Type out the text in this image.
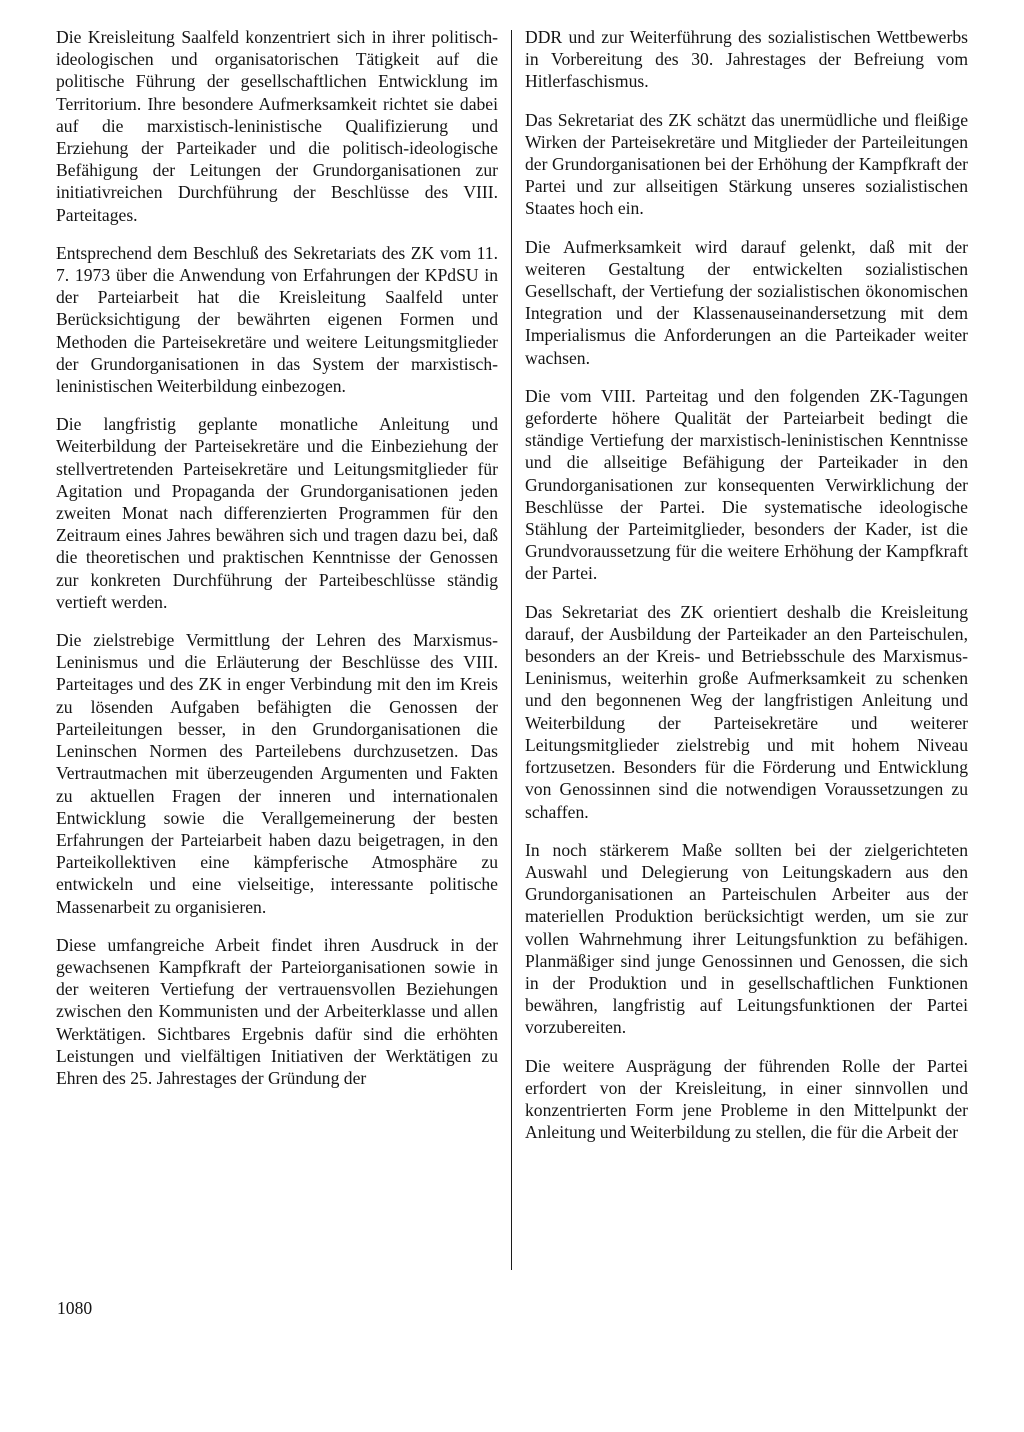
Die Kreisleitung Saalfeld konzentriert sich in ihrer politisch-ideologischen und organisatorischen Tätigkeit auf die politische Führung der gesellschaftlichen Entwicklung im Territorium. Ihre besondere Aufmerksamkeit richtet sie dabei auf die marxistisch-leninistische Qualifizierung und Erziehung der Parteikader und die politisch-ideologische Befähigung der Leitungen der Grundorganisationen zur initiativreichen Durchführung der Beschlüsse des VIII. Parteitages.

Entsprechend dem Beschluß des Sekretariats des ZK vom 11. 7. 1973 über die Anwendung von Erfahrungen der KPdSU in der Parteiarbeit hat die Kreisleitung Saalfeld unter Berücksichtigung der bewährten eigenen Formen und Methoden die Parteisekretäre und weitere Leitungsmitglieder der Grundorganisationen in das System der marxistisch-leninistischen Weiterbildung einbezogen.

Die langfristig geplante monatliche Anleitung und Weiterbildung der Parteisekretäre und die Einbeziehung der stellvertretenden Parteisekretäre und Leitungsmitglieder für Agitation und Propaganda der Grundorganisationen jeden zweiten Monat nach differenzierten Programmen für den Zeitraum eines Jahres bewähren sich und tragen dazu bei, daß die theoretischen und praktischen Kenntnisse der Genossen zur konkreten Durchführung der Parteibeschlüsse ständig vertieft werden.

Die zielstrebige Vermittlung der Lehren des Marxismus-Leninismus und die Erläuterung der Beschlüsse des VIII. Parteitages und des ZK in enger Verbindung mit den im Kreis zu lösenden Aufgaben befähigten die Genossen der Parteileitungen besser, in den Grundorganisationen die Leninschen Normen des Parteilebens durchzusetzen. Das Vertrautmachen mit überzeugenden Argumenten und Fakten zu aktuellen Fragen der inneren und internationalen Entwicklung sowie die Verallgemeinerung der besten Erfahrungen der Parteiarbeit haben dazu beigetragen, in den Parteikollektiven eine kämpferische Atmosphäre zu entwickeln und eine vielseitige, interessante politische Massenarbeit zu organisieren.

Diese umfangreiche Arbeit findet ihren Ausdruck in der gewachsenen Kampfkraft der Parteiorganisationen sowie in der weiteren Vertiefung der vertrauensvollen Beziehungen zwischen den Kommunisten und der Arbeiterklasse und allen Werktätigen. Sichtbares Ergebnis dafür sind die erhöhten Leistungen und vielfältigen Initiativen der Werktätigen zu Ehren des 25. Jahrestages der Gründung der

DDR und zur Weiterführung des sozialistischen Wettbewerbs in Vorbereitung des 30. Jahrestages der Befreiung vom Hitlerfaschismus.

Das Sekretariat des ZK schätzt das unermüdliche und fleißige Wirken der Parteisekretäre und Mitglieder der Parteileitungen der Grundorganisationen bei der Erhöhung der Kampfkraft der Partei und zur allseitigen Stärkung unseres sozialistischen Staates hoch ein.

Die Aufmerksamkeit wird darauf gelenkt, daß mit der weiteren Gestaltung der entwickelten sozialistischen Gesellschaft, der Vertiefung der sozialistischen ökonomischen Integration und der Klassenauseinandersetzung mit dem Imperialismus die Anforderungen an die Parteikader weiter wachsen.

Die vom VIII. Parteitag und den folgenden ZK-Tagungen geforderte höhere Qualität der Parteiarbeit bedingt die ständige Vertiefung der marxistisch-leninistischen Kenntnisse und die allseitige Befähigung der Parteikader in den Grundorganisationen zur konsequenten Verwirklichung der Beschlüsse der Partei. Die systematische ideologische Stählung der Parteimitglieder, besonders der Kader, ist die Grundvoraussetzung für die weitere Erhöhung der Kampfkraft der Partei.

Das Sekretariat des ZK orientiert deshalb die Kreisleitung darauf, der Ausbildung der Parteikader an den Parteischulen, besonders an der Kreis- und Betriebsschule des Marxismus-Leninismus, weiterhin große Aufmerksamkeit zu schenken und den begonnenen Weg der langfristigen Anleitung und Weiterbildung der Parteisekretäre und weiterer Leitungsmitglieder zielstrebig und mit hohem Niveau fortzusetzen. Besonders für die Förderung und Entwicklung von Genossinnen sind die notwendigen Voraussetzungen zu schaffen.

In noch stärkerem Maße sollten bei der zielgerichteten Auswahl und Delegierung von Leitungskadern aus den Grundorganisationen an Parteischulen Arbeiter aus der materiellen Produktion berücksichtigt werden, um sie zur vollen Wahrnehmung ihrer Leitungsfunktion zu befähigen. Planmäßiger sind junge Genossinnen und Genossen, die sich in der Produktion und in gesellschaftlichen Funktionen bewähren, langfristig auf Leitungsfunktionen der Partei vorzubereiten.

Die weitere Ausprägung der führenden Rolle der Partei erfordert von der Kreisleitung, in einer sinnvollen und konzentrierten Form jene Probleme in den Mittelpunkt der Anleitung und Weiterbildung zu stellen, die für die Arbeit der

1080
